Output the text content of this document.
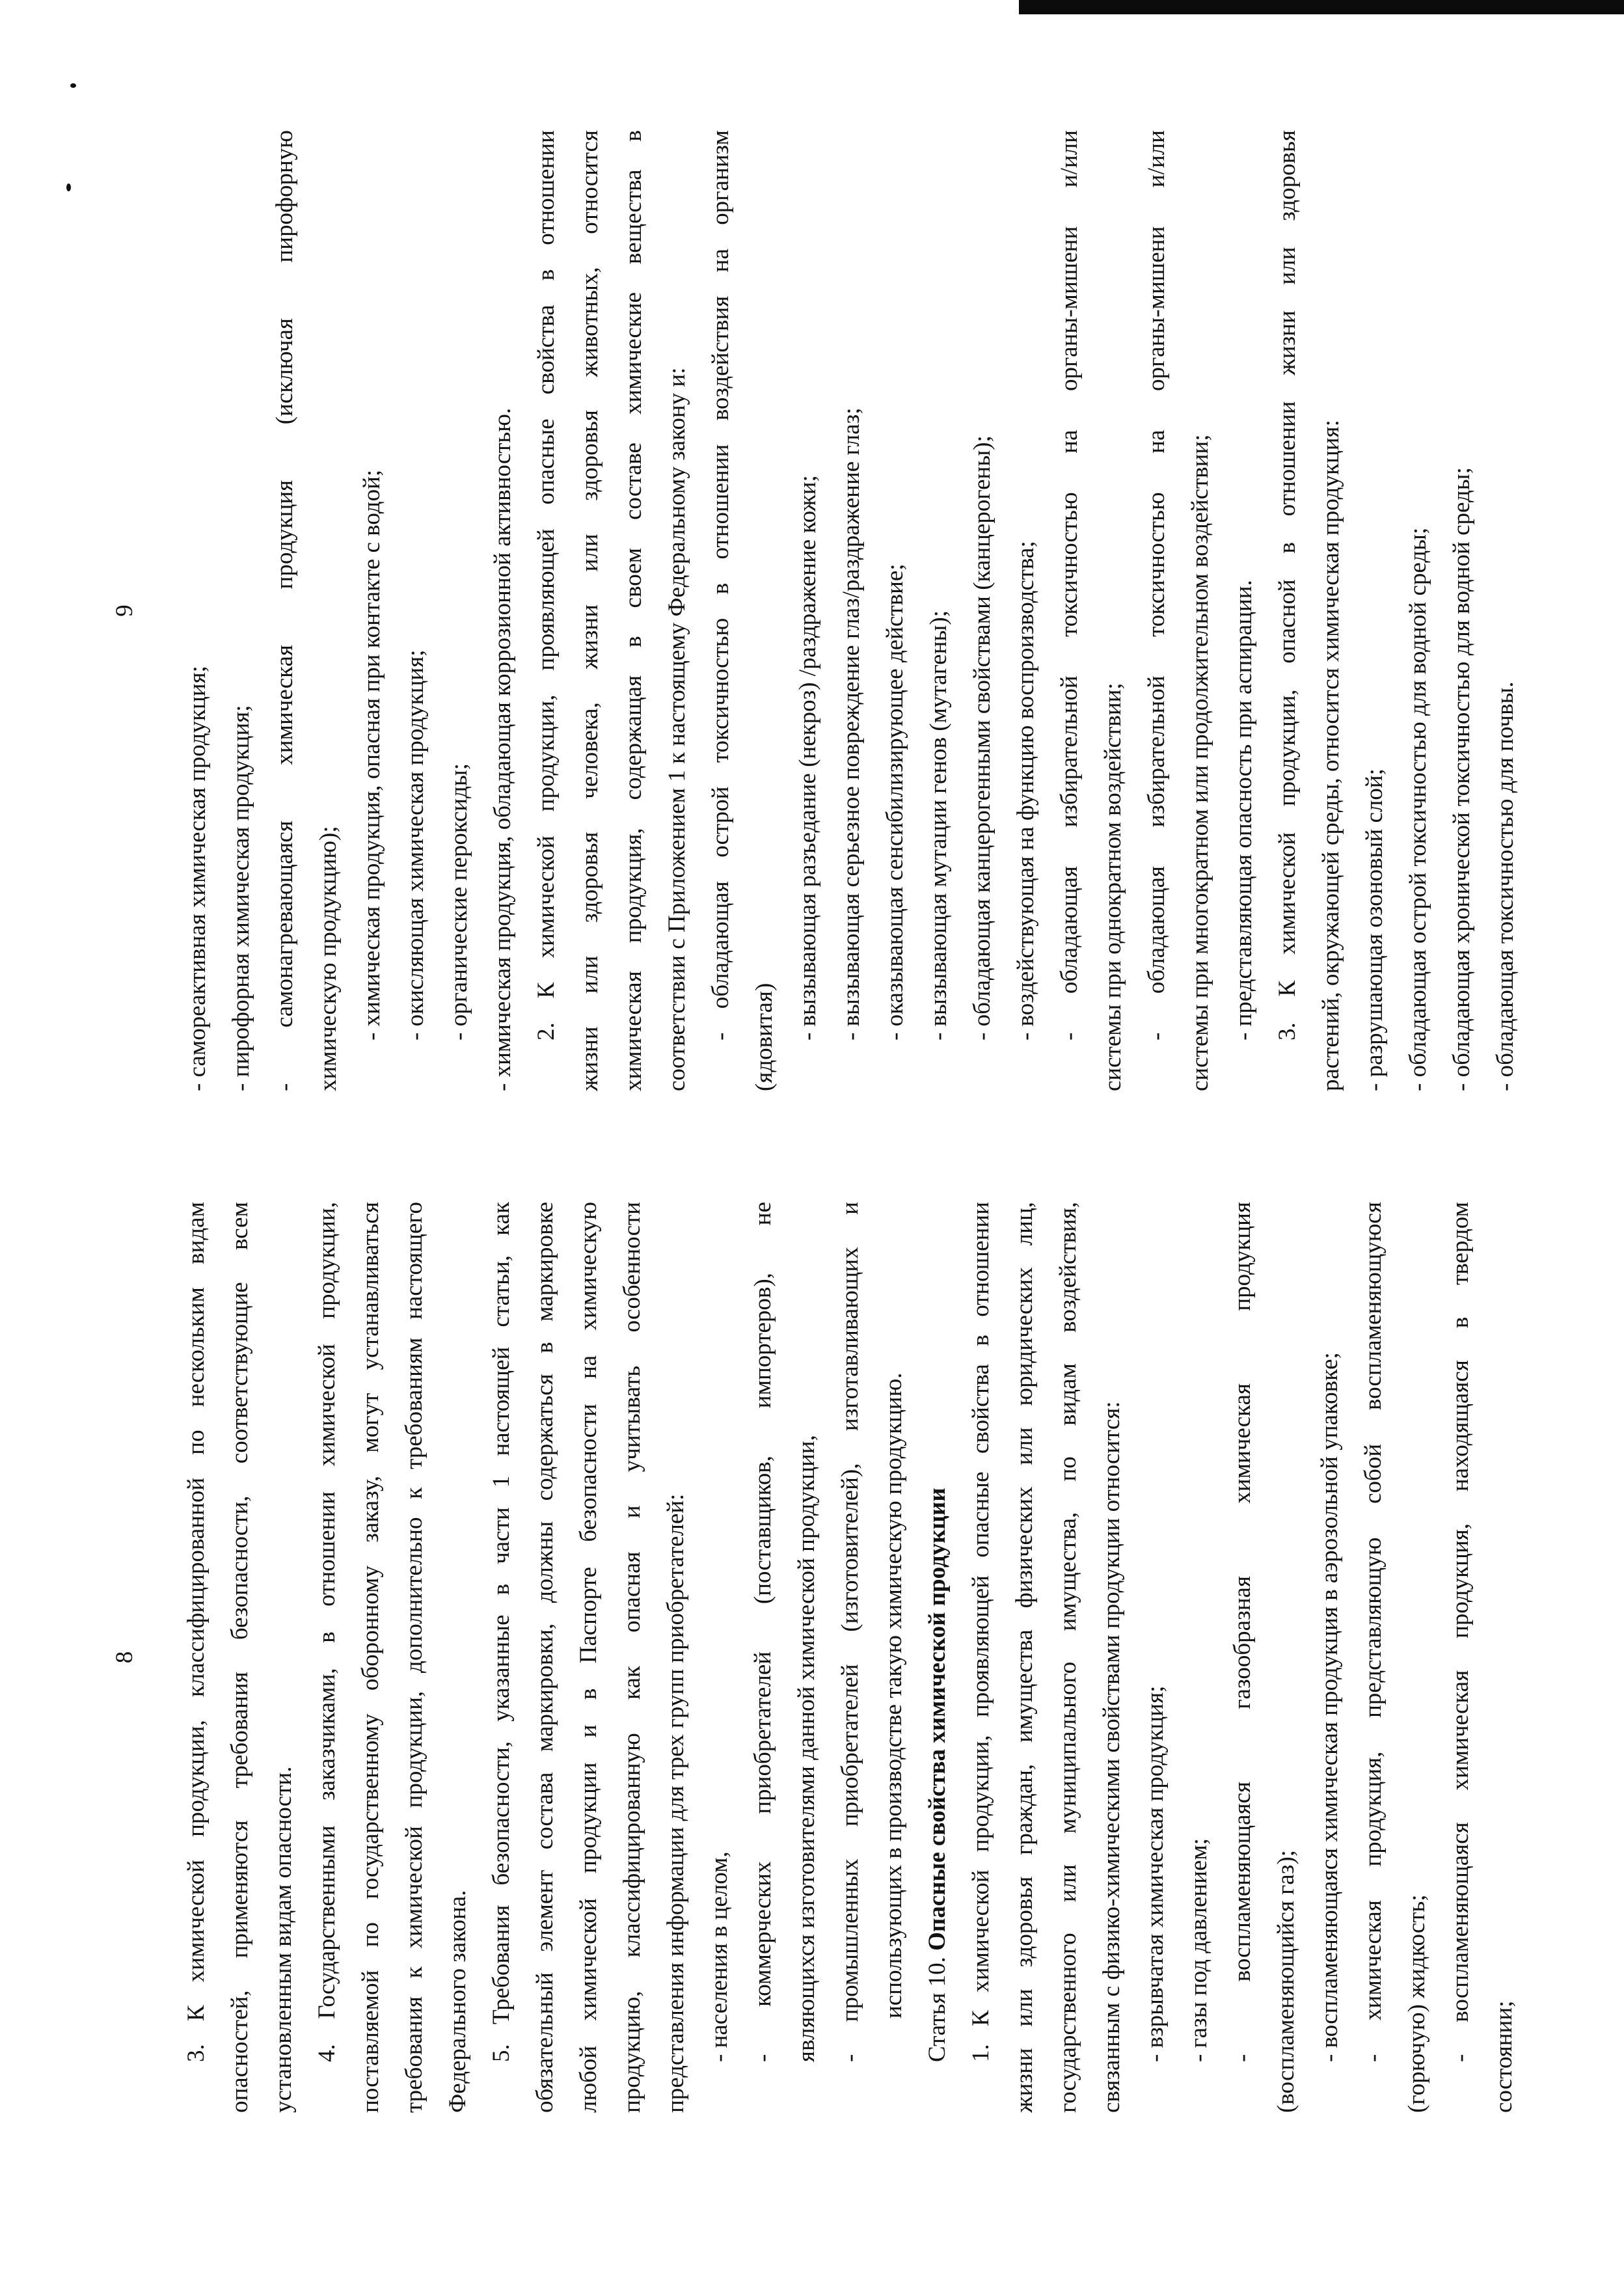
8	3. К химической продукции, классифицированной по нескольким видам опасностей, применяются требования безопасности, соответствующие всем установленным видам опасности. 4. Государственными заказчиками, в отношении химической продукции, поставляемой по государственному оборонному заказу, могут устанавливаться требования к химической продукции, дополнительно к требованиям настоящего Федерального закона. 5. Требования безопасности, указанные в части 1 настоящей статьи, как обязательный элемент состава маркировки, должны содержаться в маркировке любой химической продукции и в Паспорте безопасности на химическую продукцию, классифицированную как опасная и учитывать особенности представления информации для трех групп приобретателей: - населения в целом, - коммерческих приобретателей (поставщиков, импортеров), не являющихся изготовителями данной химической продукции, - промышленных приобретателей (изготовителей), изготавливающих и использующих в производстве такую химическую продукцию. Статья 10. Опасные свойства химической продукции 1. К химической продукции, проявляющей опасные свойства в отношении жизни или здоровья граждан, имущества физических или юридических лиц, государственного или муниципального имущества, по видам воздействия, связанным с физико-химическими свойствами продукции относится: - взрывчатая химическая продукция; - газы под давлением; - воспламеняющаяся газообразная химическая продукция (воспламеняющийся газ); - воспламеняющаяся химическая продукция в аэрозольной упаковке; - химическая продукция, представляющую собой воспламеняющуюся (горючую) жидкость; - воспламеняющаяся химическая продукция, находящаяся в твердом состоянии;
9
- самореактивная химическая продукция; - пирофорная химическая продукция; - самонагревающаяся химическая продукция (исключая пирофорную химическую продукцию); - химическая продукция, опасная при контакте с водой; - окисляющая химическая продукция; - органические пероксиды; - химическая продукция, обладающая коррозионной активностью. 2. К химической продукции, проявляющей опасные свойства в отношении жизни или здоровья человека, жизни или здоровья животных, относится химическая продукция, содержащая в своем составе химические вещества в соответствии с Приложением 1 к настоящему Федеральному закону и: - обладающая острой токсичностью в отношении воздействия на организм (ядовитая) - вызывающая разъедание (некроз) /раздражение кожи; - вызывающая серьезное повреждение глаз/раздражение глаз; - оказывающая сенсибилизирующее действие; - вызывающая мутации генов (мутагены); - обладающая канцерогенными свойствами (канцерогены); - воздействующая на функцию воспроизводства; - обладающая избирательной токсичностью на органы-мишени и/или системы при однократном воздействии; - обладающая избирательной токсичностью на органы-мишени и/или системы при многократном или продолжительном воздействии; - представляющая опасность при аспирации. 3. К химической продукции, опасной в отношении жизни или здоровья растений, окружающей среды, относится химическая продукция: - разрушающая озоновый слой; - обладающая острой токсичностью для водной среды; - обладающая хронической токсичностью для водной среды; - обладающая токсичностью для почвы.
